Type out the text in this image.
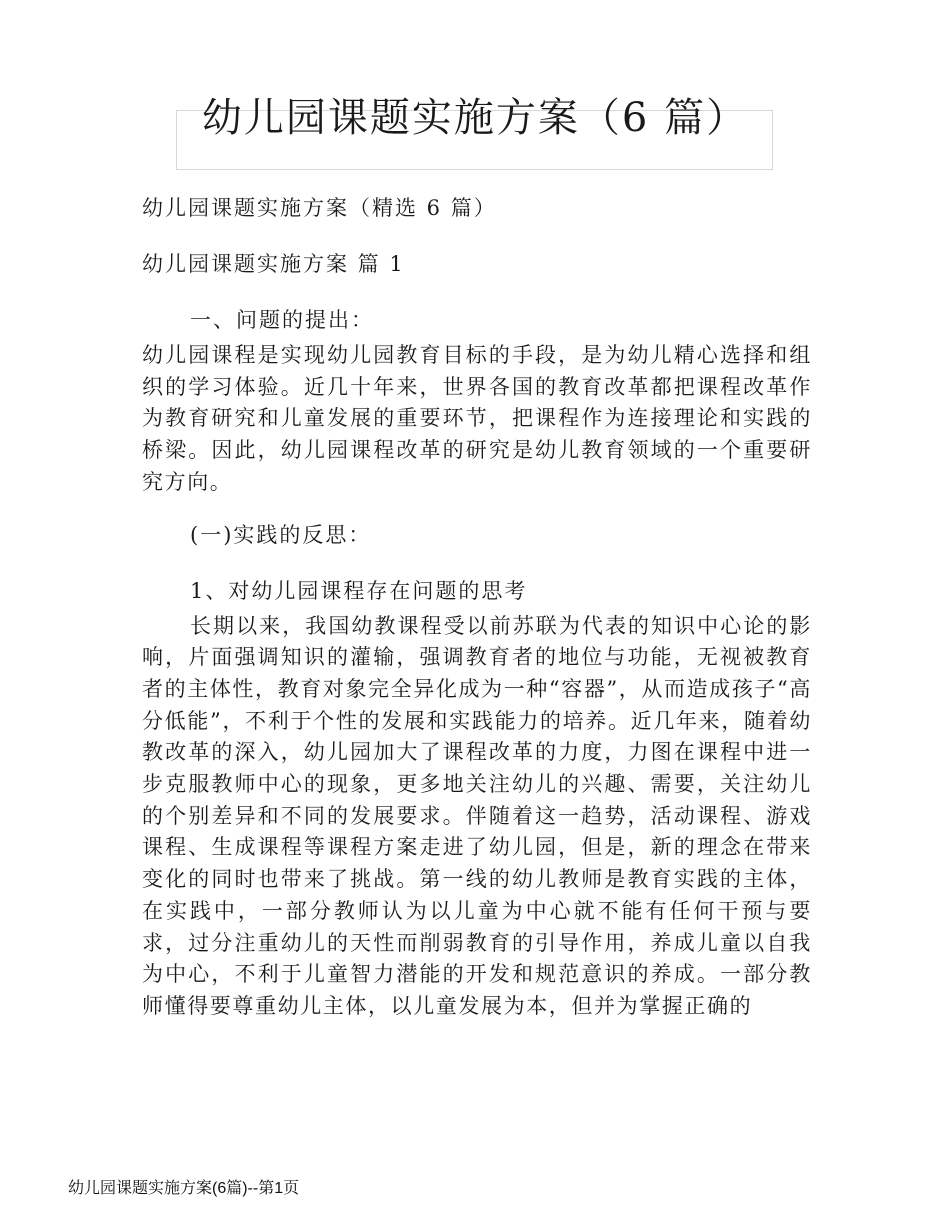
幼儿园课题实施方案（6 篇）

幼儿园课题实施方案（精选 6 篇）

幼儿园课题实施方案 篇 1

一、问题的提出：

幼儿园课程是实现幼儿园教育目标的手段，是为幼儿精心选择和组织的学习体验。近几十年来，世界各国的教育改革都把课程改革作为教育研究和儿童发展的重要环节，把课程作为连接理论和实践的桥梁。因此，幼儿园课程改革的研究是幼儿教育领域的一个重要研究方向。

(一)实践的反思：

1、对幼儿园课程存在问题的思考

长期以来，我国幼教课程受以前苏联为代表的知识中心论的影响，片面强调知识的灌输，强调教育者的地位与功能，无视被教育者的主体性，教育对象完全异化成为一种“容器”，从而造成孩子“高分低能”，不利于个性的发展和实践能力的培养。近几年来，随着幼教改革的深入，幼儿园加大了课程改革的力度，力图在课程中进一步克服教师中心的现象，更多地关注幼儿的兴趣、需要，关注幼儿的个别差异和不同的发展要求。伴随着这一趋势，活动课程、游戏课程、生成课程等课程方案走进了幼儿园，但是，新的理念在带来变化的同时也带来了挑战。第一线的幼儿教师是教育实践的主体，在实践中，一部分教师认为以儿童为中心就不能有任何干预与要求，过分注重幼儿的天性而削弱教育的引导作用，养成儿童以自我为中心，不利于儿童智力潜能的开发和规范意识的养成。一部分教师懂得要尊重幼儿主体，以儿童发展为本，但并为掌握正确的

幼儿园课题实施方案(6篇)--第1页
